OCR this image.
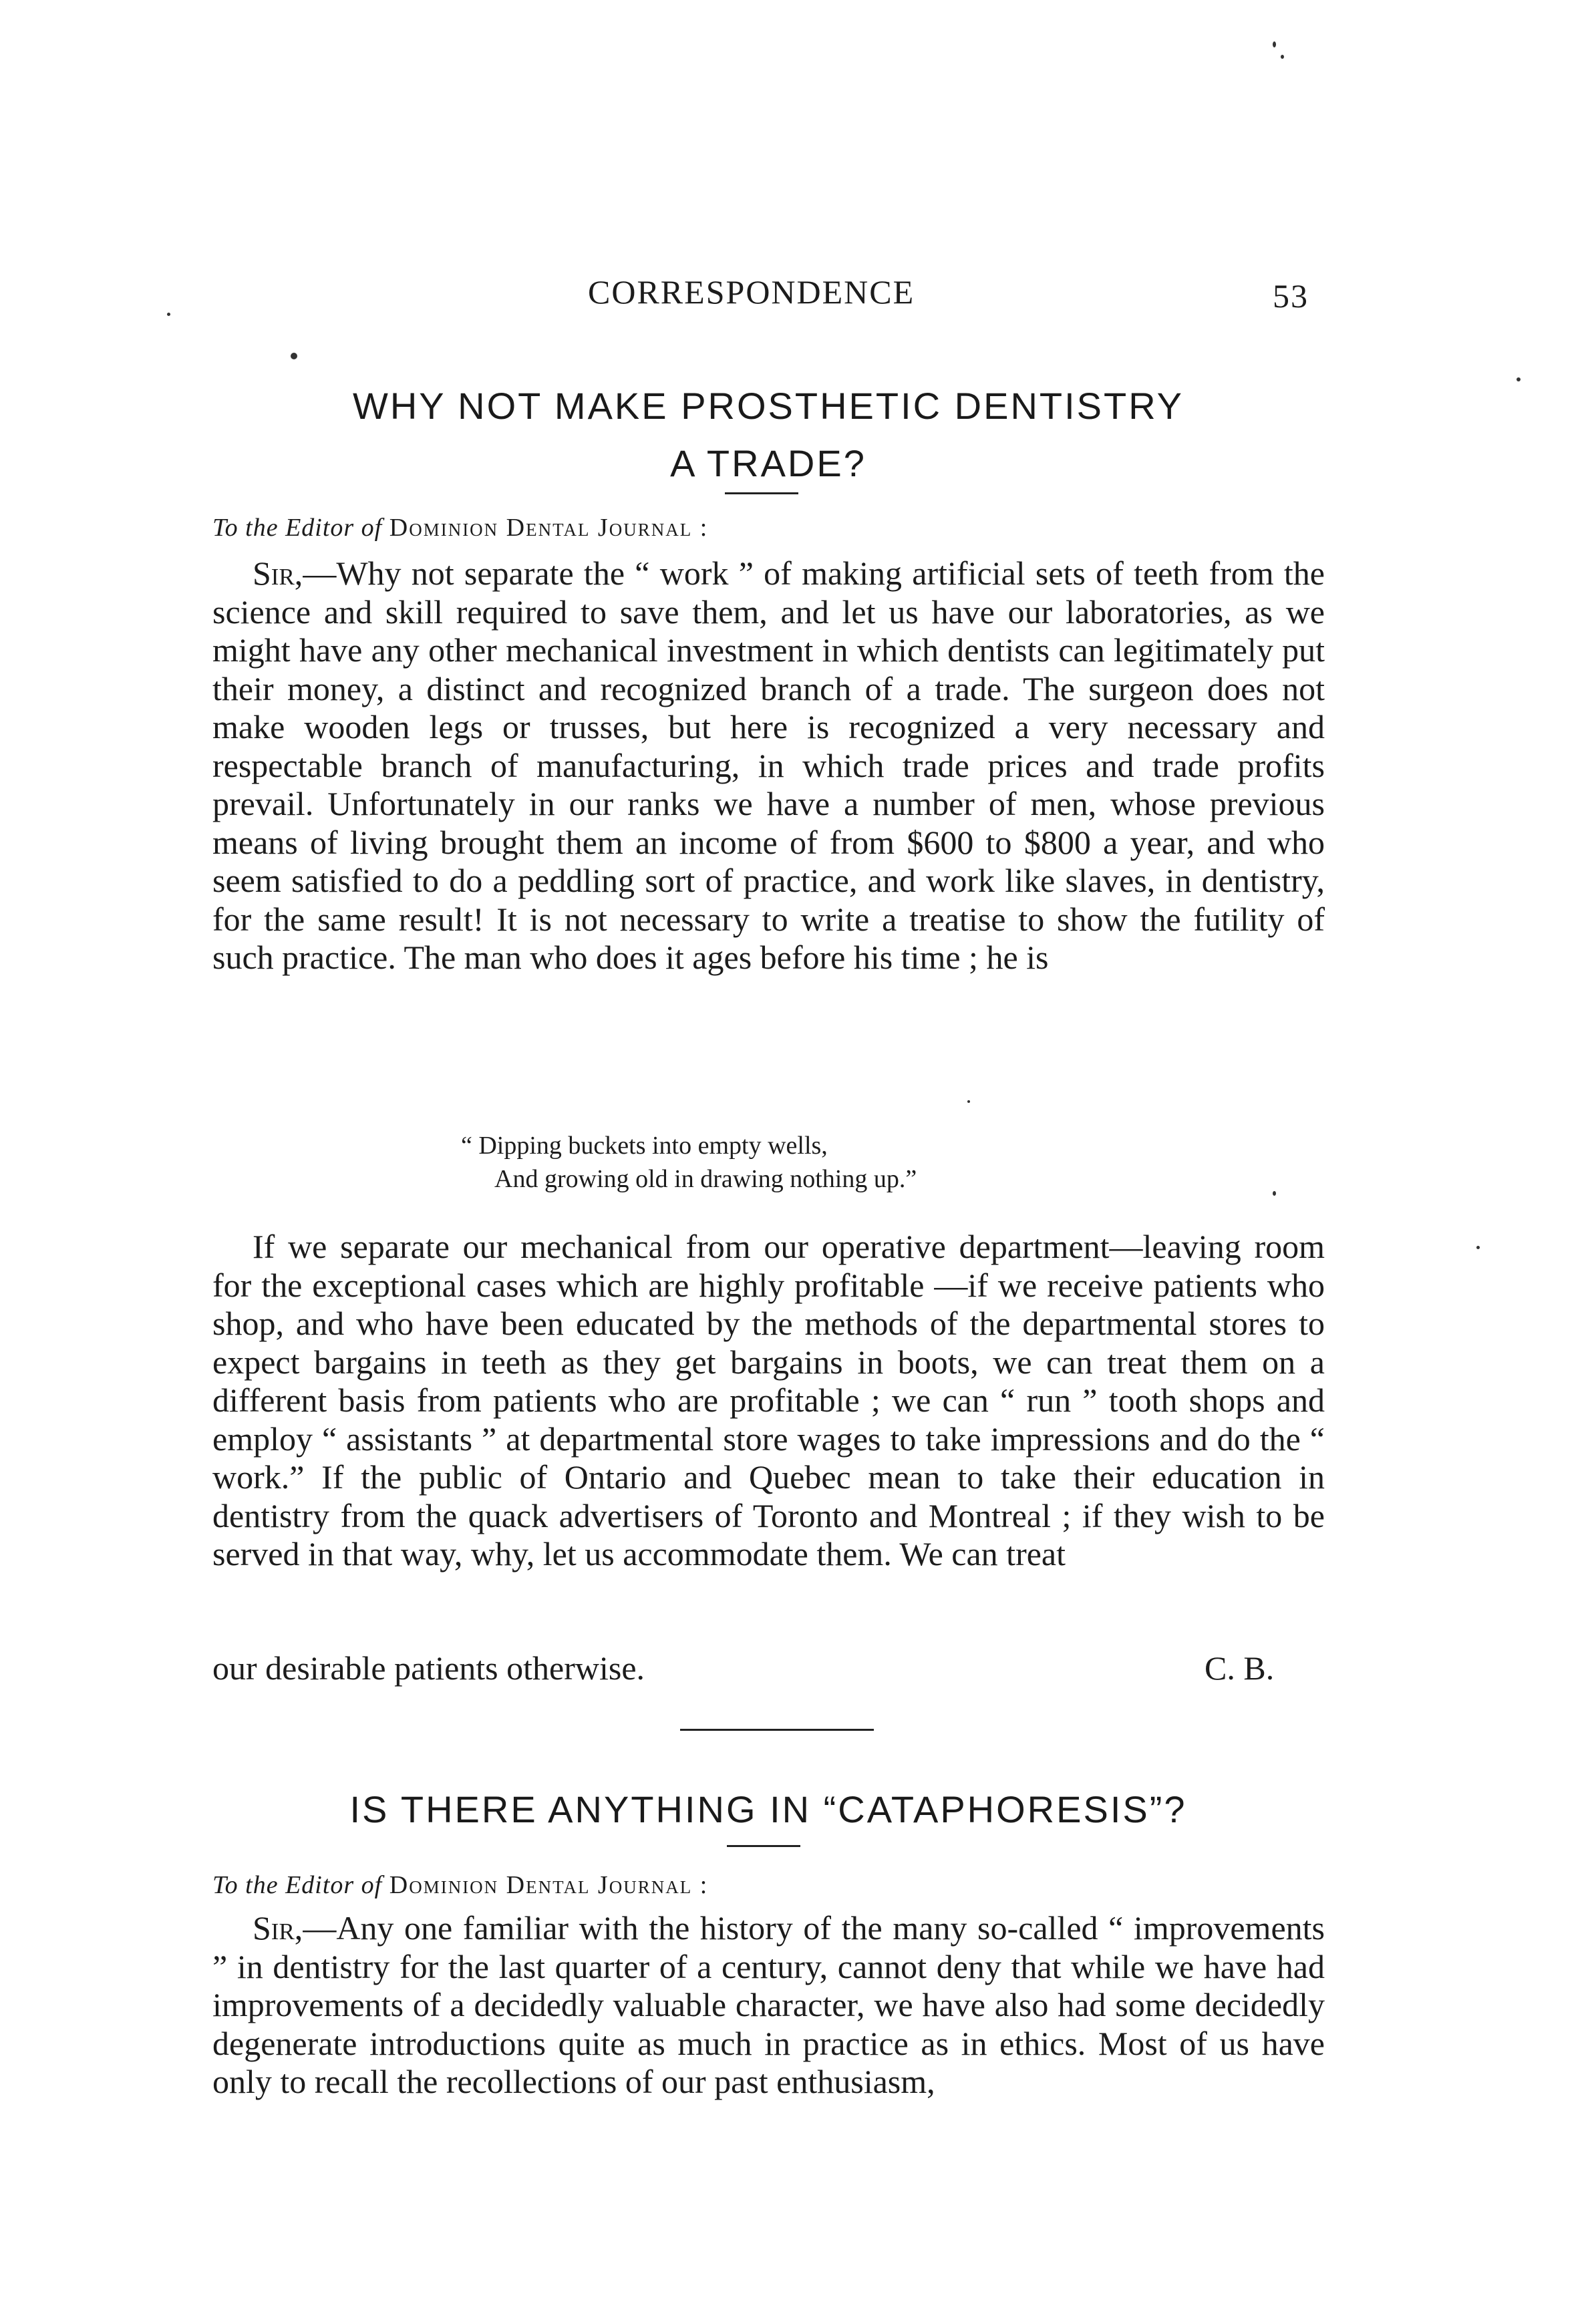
CORRESPONDENCE	53
WHY NOT MAKE PROSTHETIC DENTISTRY
A TRADE?
To the Editor of Dominion Dental Journal :
Sir,—Why not separate the “ work ” of making artificial sets of teeth from the science and skill required to save them, and let us have our laboratories, as we might have any other mechanical investment in which dentists can legitimately put their money, a distinct and recognized branch of a trade. The surgeon does not make wooden legs or trusses, but here is recognized a very necessary and respectable branch of manufacturing, in which trade prices and trade profits prevail. Unfortunately in our ranks we have a number of men, whose previous means of living brought them an income of from $600 to $800 a year, and who seem satisfied to do a peddling sort of practice, and work like slaves, in dentistry, for the same result! It is not necessary to write a treatise to show the futility of such practice. The man who does it ages before his time ; he is
“ Dipping buckets into empty wells,
And growing old in drawing nothing up.”
If we separate our mechanical from our operative department—leaving room for the exceptional cases which are highly profitable —if we receive patients who shop, and who have been educated by the methods of the departmental stores to expect bargains in teeth as they get bargains in boots, we can treat them on a different basis from patients who are profitable ; we can “ run ” tooth shops and employ “ assistants ” at departmental store wages to take impressions and do the “ work.” If the public of Ontario and Quebec mean to take their education in dentistry from the quack advertisers of Toronto and Montreal ; if they wish to be served in that way, why, let us accommodate them. We can treat
our desirable patients otherwise.	C. B.
IS THERE ANYTHING IN “CATAPHORESIS”?
To the Editor of Dominion Dental Journal :
Sir,—Any one familiar with the history of the many so-called “ improvements ” in dentistry for the last quarter of a century, cannot deny that while we have had improvements of a decidedly valuable character, we have also had some decidedly degenerate introductions quite as much in practice as in ethics. Most of us have only to recall the recollections of our past enthusiasm,
